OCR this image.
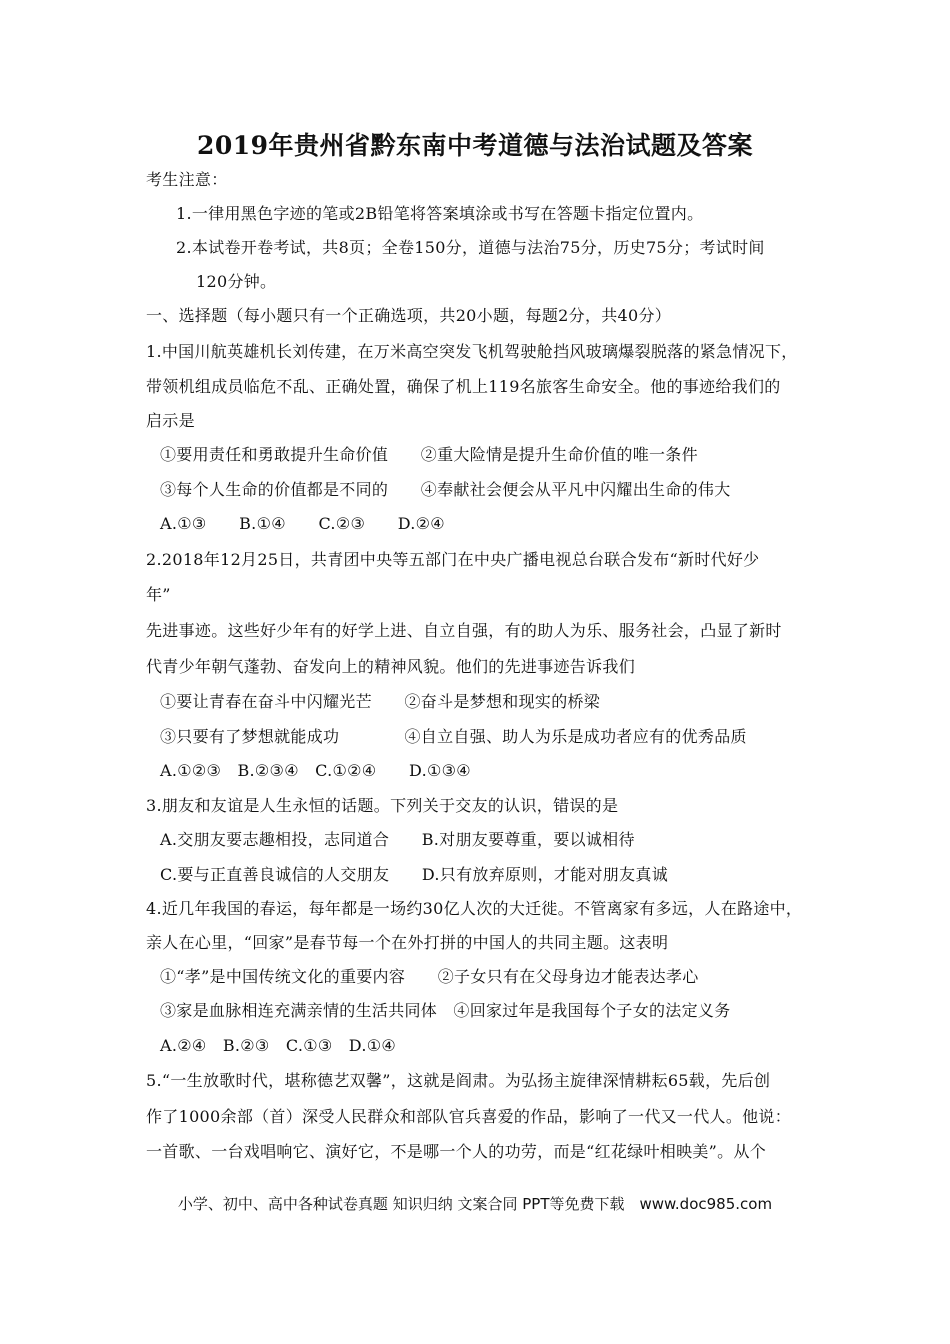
2019年贵州省黔东南中考道德与法治试题及答案
考生注意：
1.一律用黑色字迹的笔或2B铅笔将答案填涂或书写在答题卡指定位置内。
2.本试卷开卷考试，共8页；全卷150分，道德与法治75分，历史75分；考试时间
120分钟。
一、选择题（每小题只有一个正确选项，共20小题，每题2分，共40分）
1.中国川航英雄机长刘传建，在万米高空突发飞机驾驶舱挡风玻璃爆裂脱落的紧急情况下，
带领机组成员临危不乱、正确处置，确保了机上119名旅客生命安全。他的事迹给我们的
启示是
①要用责任和勇敢提升生命价值　　②重大险情是提升生命价值的唯一条件
③每个人生命的价值都是不同的　　④奉献社会便会从平凡中闪耀出生命的伟大
A.①③　　B.①④　　C.②③　　D.②④
2.2018年12月25日，共青团中央等五部门在中央广播电视总台联合发布“新时代好少
年”
先进事迹。这些好少年有的好学上进、自立自强，有的助人为乐、服务社会，凸显了新时
代青少年朝气蓬勃、奋发向上的精神风貌。他们的先进事迹告诉我们
①要让青春在奋斗中闪耀光芒　　②奋斗是梦想和现实的桥梁
③只要有了梦想就能成功　　　　④自立自强、助人为乐是成功者应有的优秀品质
A.①②③　B.②③④　C.①②④　　D.①③④
3.朋友和友谊是人生永恒的话题。下列关于交友的认识，错误的是
A.交朋友要志趣相投，志同道合　　B.对朋友要尊重，要以诚相待
C.要与正直善良诚信的人交朋友　　D.只有放弃原则，才能对朋友真诚
4.近几年我国的春运，每年都是一场约30亿人次的大迁徙。不管离家有多远，人在路途中，
亲人在心里，“回家”是春节每一个在外打拼的中国人的共同主题。这表明
①“孝”是中国传统文化的重要内容　　②子女只有在父母身边才能表达孝心
③家是血脉相连充满亲情的生活共同体　④回家过年是我国每个子女的法定义务
A.②④　B.②③　C.①③　D.①④
5.“一生放歌时代，堪称德艺双馨”，这就是阎肃。为弘扬主旋律深情耕耘65载，先后创
作了1000余部（首）深受人民群众和部队官兵喜爱的作品，影响了一代又一代人。他说：
一首歌、一台戏唱响它、演好它，不是哪一个人的功劳，而是“红花绿叶相映美”。从个
小学、初中、高中各种试卷真题 知识归纳 文案合同 PPT等免费下载　www.doc985.com
